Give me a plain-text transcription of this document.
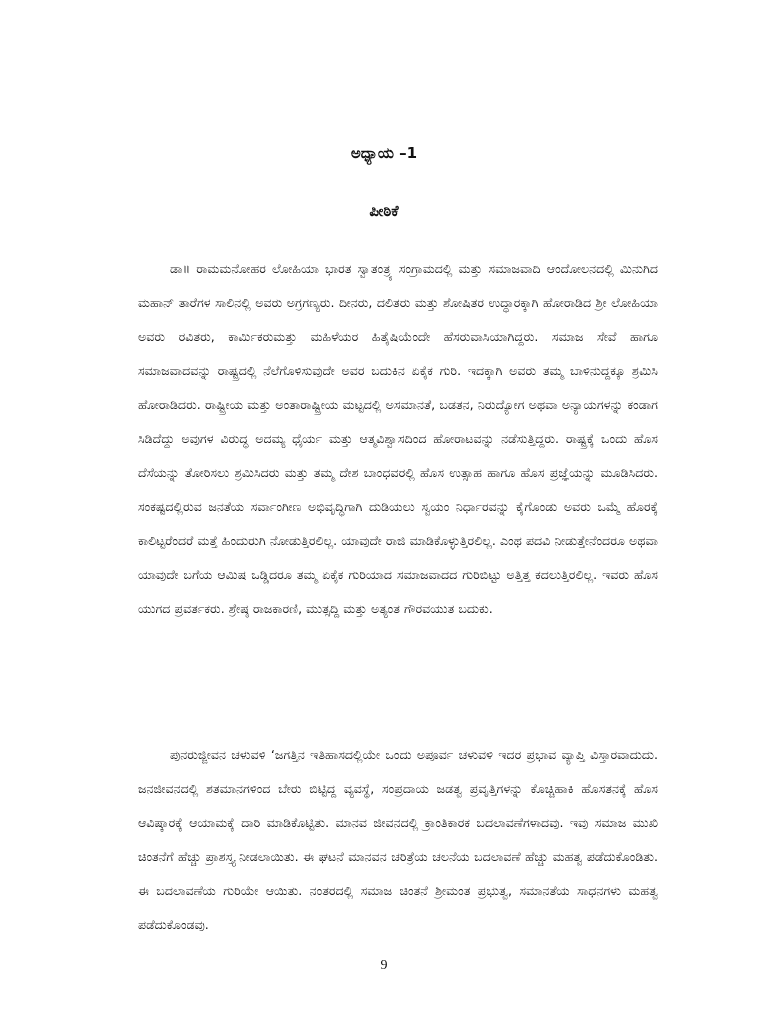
ಅಧ್ಯಾಯ –1
ಪೀಠಿಕೆ

ಡಾ॥ ರಾಮಮನೋಹರ ಲೋಹಿಯಾ ಭಾರತ ಸ್ವಾತಂತ್ರ್ಯ ಸಂಗ್ರಾಮದಲ್ಲಿ ಮತ್ತು ಸಮಾಜವಾದಿ ಆಂದೋಲನದಲ್ಲಿ ಮಿನುಗಿದ ಮಹಾನ್ ತಾರೆಗಳ ಸಾಲಿನಲ್ಲಿ ಅವರು ಅಗ್ರಗಣ್ಯರು. ದೀನರು, ದಲಿತರು ಮತ್ತು ಶೋಷಿತರ ಉದ್ಧಾರಕ್ಕಾಗಿ ಹೋರಾಡಿದ ಶ್ರೀ ಲೋಹಿಯಾ ಅವರು ರವಿತರು, ಕಾರ್ಮಿಕರುಮತ್ತು ಮಹಿಳೆಯರ ಹಿತೈಷಿಯೆಂದೇ ಹೆಸರುವಾಸಿಯಾಗಿದ್ದರು. ಸಮಾಜ ಸೇವೆ ಹಾಗೂ ಸಮಾಜವಾದವನ್ನು ರಾಷ್ಟ್ರದಲ್ಲಿ ನೆಲೆಗೊಳಿಸುವುದೇ ಅವರ ಬದುಕಿನ ಏಕೈಕ ಗುರಿ. ಇದಕ್ಕಾಗಿ ಅವರು ತಮ್ಮ ಬಾಳಿನುದ್ದಕ್ಕೂ ಶ್ರಮಿಸಿ ಹೋರಾಡಿದರು. ರಾಷ್ಟ್ರೀಯ ಮತ್ತು ಅಂತಾರಾಷ್ಟ್ರೀಯ ಮಟ್ಟದಲ್ಲಿ ಅಸಮಾನತೆ, ಬಡತನ, ನಿರುದ್ಯೋಗ ಅಥವಾ ಅನ್ಯಾಯಗಳನ್ನು ಕಂಡಾಗ ಸಿಡಿದೆದ್ದು ಅವುಗಳ ವಿರುದ್ಧ ಅದಮ್ಯ ಧೈರ್ಯ ಮತ್ತು ಆತ್ಮವಿಶ್ವಾಸದಿಂದ ಹೋರಾಟವನ್ನು ನಡೆಸುತ್ತಿದ್ದರು. ರಾಷ್ಟ್ರಕ್ಕೆ ಒಂದು ಹೊಸ ದೆಸೆಯನ್ನು ತೋರಿಸಲು ಶ್ರಮಿಸಿದರು ಮತ್ತು ತಮ್ಮ ದೇಶ ಬಾಂಧವರಲ್ಲಿ ಹೊಸ ಉತ್ಸಾಹ ಹಾಗೂ ಹೊಸ ಪ್ರಜ್ಞೆಯನ್ನು ಮೂಡಿಸಿದರು. ಸಂಕಷ್ಟದಲ್ಲಿರುವ ಜನತೆಯ ಸರ್ವಾಂಗೀಣ ಅಭಿವೃದ್ಧಿಗಾಗಿ ದುಡಿಯಲು ಸ್ವಯಂ ನಿರ್ಧಾರವನ್ನು ಕೈಗೊಂಡು ಅವರು ಒಮ್ಮೆ ಹೊರಕ್ಕೆ ಕಾಲಿಟ್ಟರೆಂದರೆ ಮತ್ತೆ ಹಿಂದುರುಗಿ ನೋಡುತ್ತಿರಲಿಲ್ಲ. ಯಾವುದೇ ರಾಜಿ ಮಾಡಿಕೊಳ್ಳುತ್ತಿರಲಿಲ್ಲ. ಎಂಥ ಪದವಿ ನೀಡುತ್ತೇನೆಂದರೂ ಅಥವಾ ಯಾವುದೇ ಬಗೆಯ ಆಮಿಷ ಒಡ್ಡಿದರೂ ತಮ್ಮ ಏಕೈಕ ಗುರಿಯಾದ ಸಮಾಜವಾದದ ಗುರಿಬಿಟ್ಟು ಅತ್ತಿತ್ತ ಕದಲುತ್ತಿರಲಿಲ್ಲ. ಇವರು ಹೊಸ ಯುಗದ ಪ್ರವರ್ತಕರು. ಶ್ರೇಷ್ಠ ರಾಜಕಾರಣಿ, ಮುತ್ಸದ್ದಿ ಮತ್ತು ಅತ್ಯಂತ ಗೌರವಯುತ ಬದುಕು.

ಪುನರುಜ್ಜೀವನ ಚಳುವಳಿ ‘ಜಗತ್ತಿನ ಇತಿಹಾಸದಲ್ಲಿಯೇ ಒಂದು ಅಪೂರ್ವ ಚಳುವಳಿ ಇದರ ಪ್ರಭಾವ ವ್ಯಾಪ್ತಿ ವಿಸ್ತಾರವಾದುದು. ಜನಜೀವನದಲ್ಲಿ ಶತಮಾನಗಳಿಂದ ಬೇರು ಬಿಟ್ಟಿದ್ದ ವ್ಯವಸ್ಥೆ, ಸಂಪ್ರದಾಯ ಜಡತ್ವ ಪ್ರವೃತ್ತಿಗಳನ್ನು ಕೊಚ್ಚಿಹಾಕಿ ಹೊಸತನಕ್ಕೆ ಹೊಸ ಆವಿಷ್ಕಾರಕ್ಕೆ ಆಯಾಮಕ್ಕೆ ದಾರಿ ಮಾಡಿಕೊಟ್ಟಿತು. ಮಾನವ ಜೀವನದಲ್ಲಿ ಕ್ರಾಂತಿಕಾರಕ ಬದಲಾವಣೆಗಳಾದವು. ಇವು ಸಮಾಜ ಮುಖಿ ಚಿಂತನೆಗೆ ಹೆಚ್ಚು ಪ್ರಾಶಸ್ತ್ಯ ನೀಡಲಾಯಿತು. ಈ ಘಟನೆ ಮಾನವನ ಚರಿತ್ರೆಯ ಚಲನೆಯ ಬದಲಾವಣೆ ಹೆಚ್ಚು ಮಹತ್ವ ಪಡೆದುಕೊಂಡಿತು. ಈ ಬದಲಾವಣೆಯ ಗುರಿಯೇ ಆಯಿತು. ನಂತರದಲ್ಲಿ ಸಮಾಜ ಚಿಂತನೆ ಶ್ರೀಮಂತ ಪ್ರಭುತ್ವ, ಸಮಾನತೆಯ ಸಾಧನಗಳು ಮಹತ್ವ ಪಡೆದುಕೊಂಡವು.

9
